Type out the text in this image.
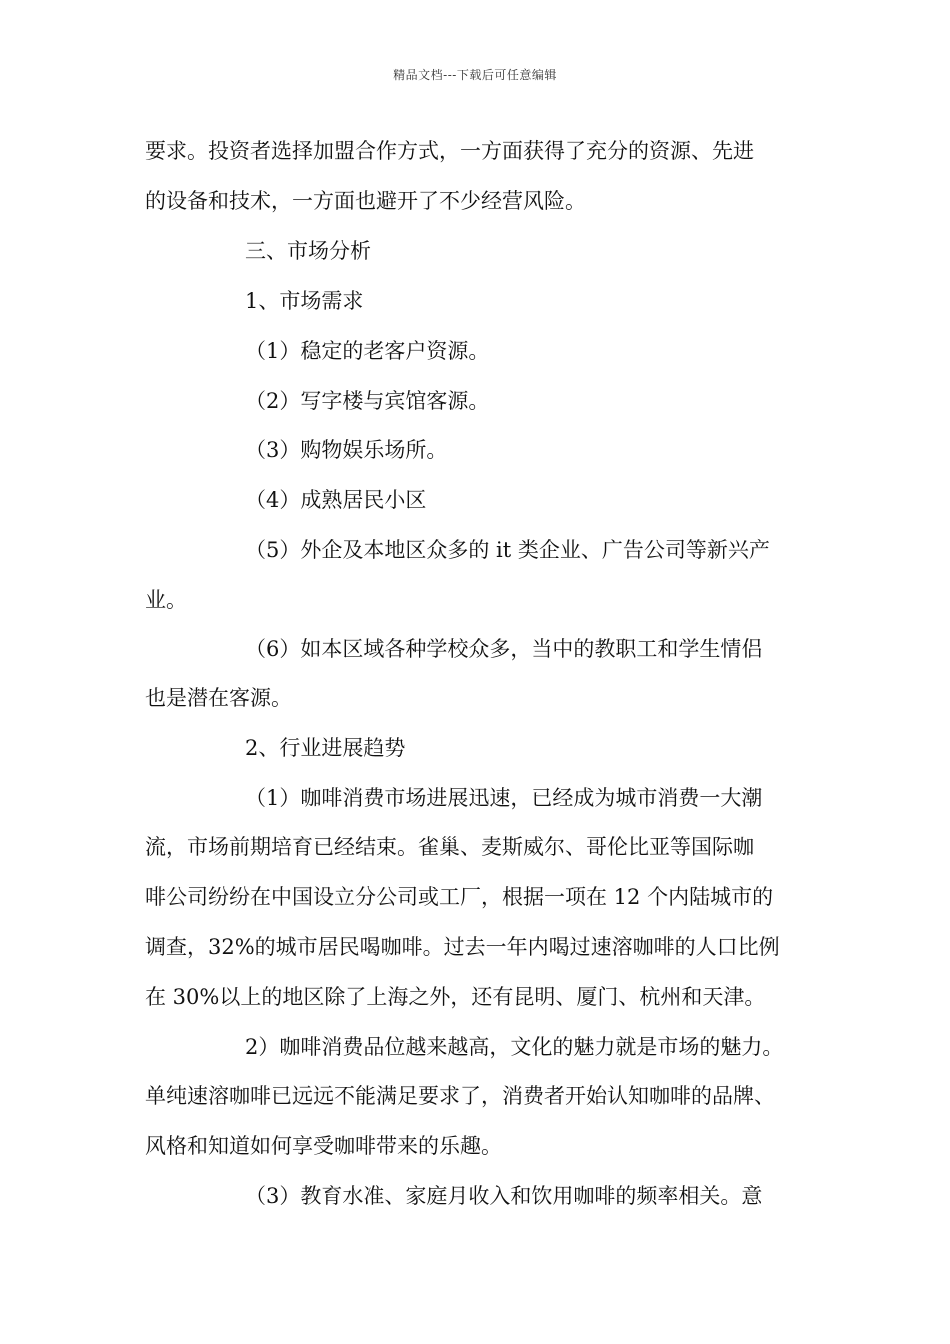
精品文档---下载后可任意编辑
要求。投资者选择加盟合作方式，一方面获得了充分的资源、先进
的设备和技术，一方面也避开了不少经营风险。
三、市场分析
1、市场需求
（1）稳定的老客户资源。
（2）写字楼与宾馆客源。
（3）购物娱乐场所。
（4）成熟居民小区
（5）外企及本地区众多的 it 类企业、广告公司等新兴产
业。
（6）如本区域各种学校众多，当中的教职工和学生情侣
也是潜在客源。
2、行业进展趋势
（1）咖啡消费市场进展迅速，已经成为城市消费一大潮
流，市场前期培育已经结束。雀巢、麦斯威尔、哥伦比亚等国际咖
啡公司纷纷在中国设立分公司或工厂，根据一项在 12 个内陆城市的
调查，32%的城市居民喝咖啡。过去一年内喝过速溶咖啡的人口比例
在 30%以上的地区除了上海之外，还有昆明、厦门、杭州和天津。
2）咖啡消费品位越来越高，文化的魅力就是市场的魅力。
单纯速溶咖啡已远远不能满足要求了，消费者开始认知咖啡的品牌、
风格和知道如何享受咖啡带来的乐趣。
（3）教育水准、家庭月收入和饮用咖啡的频率相关。意
